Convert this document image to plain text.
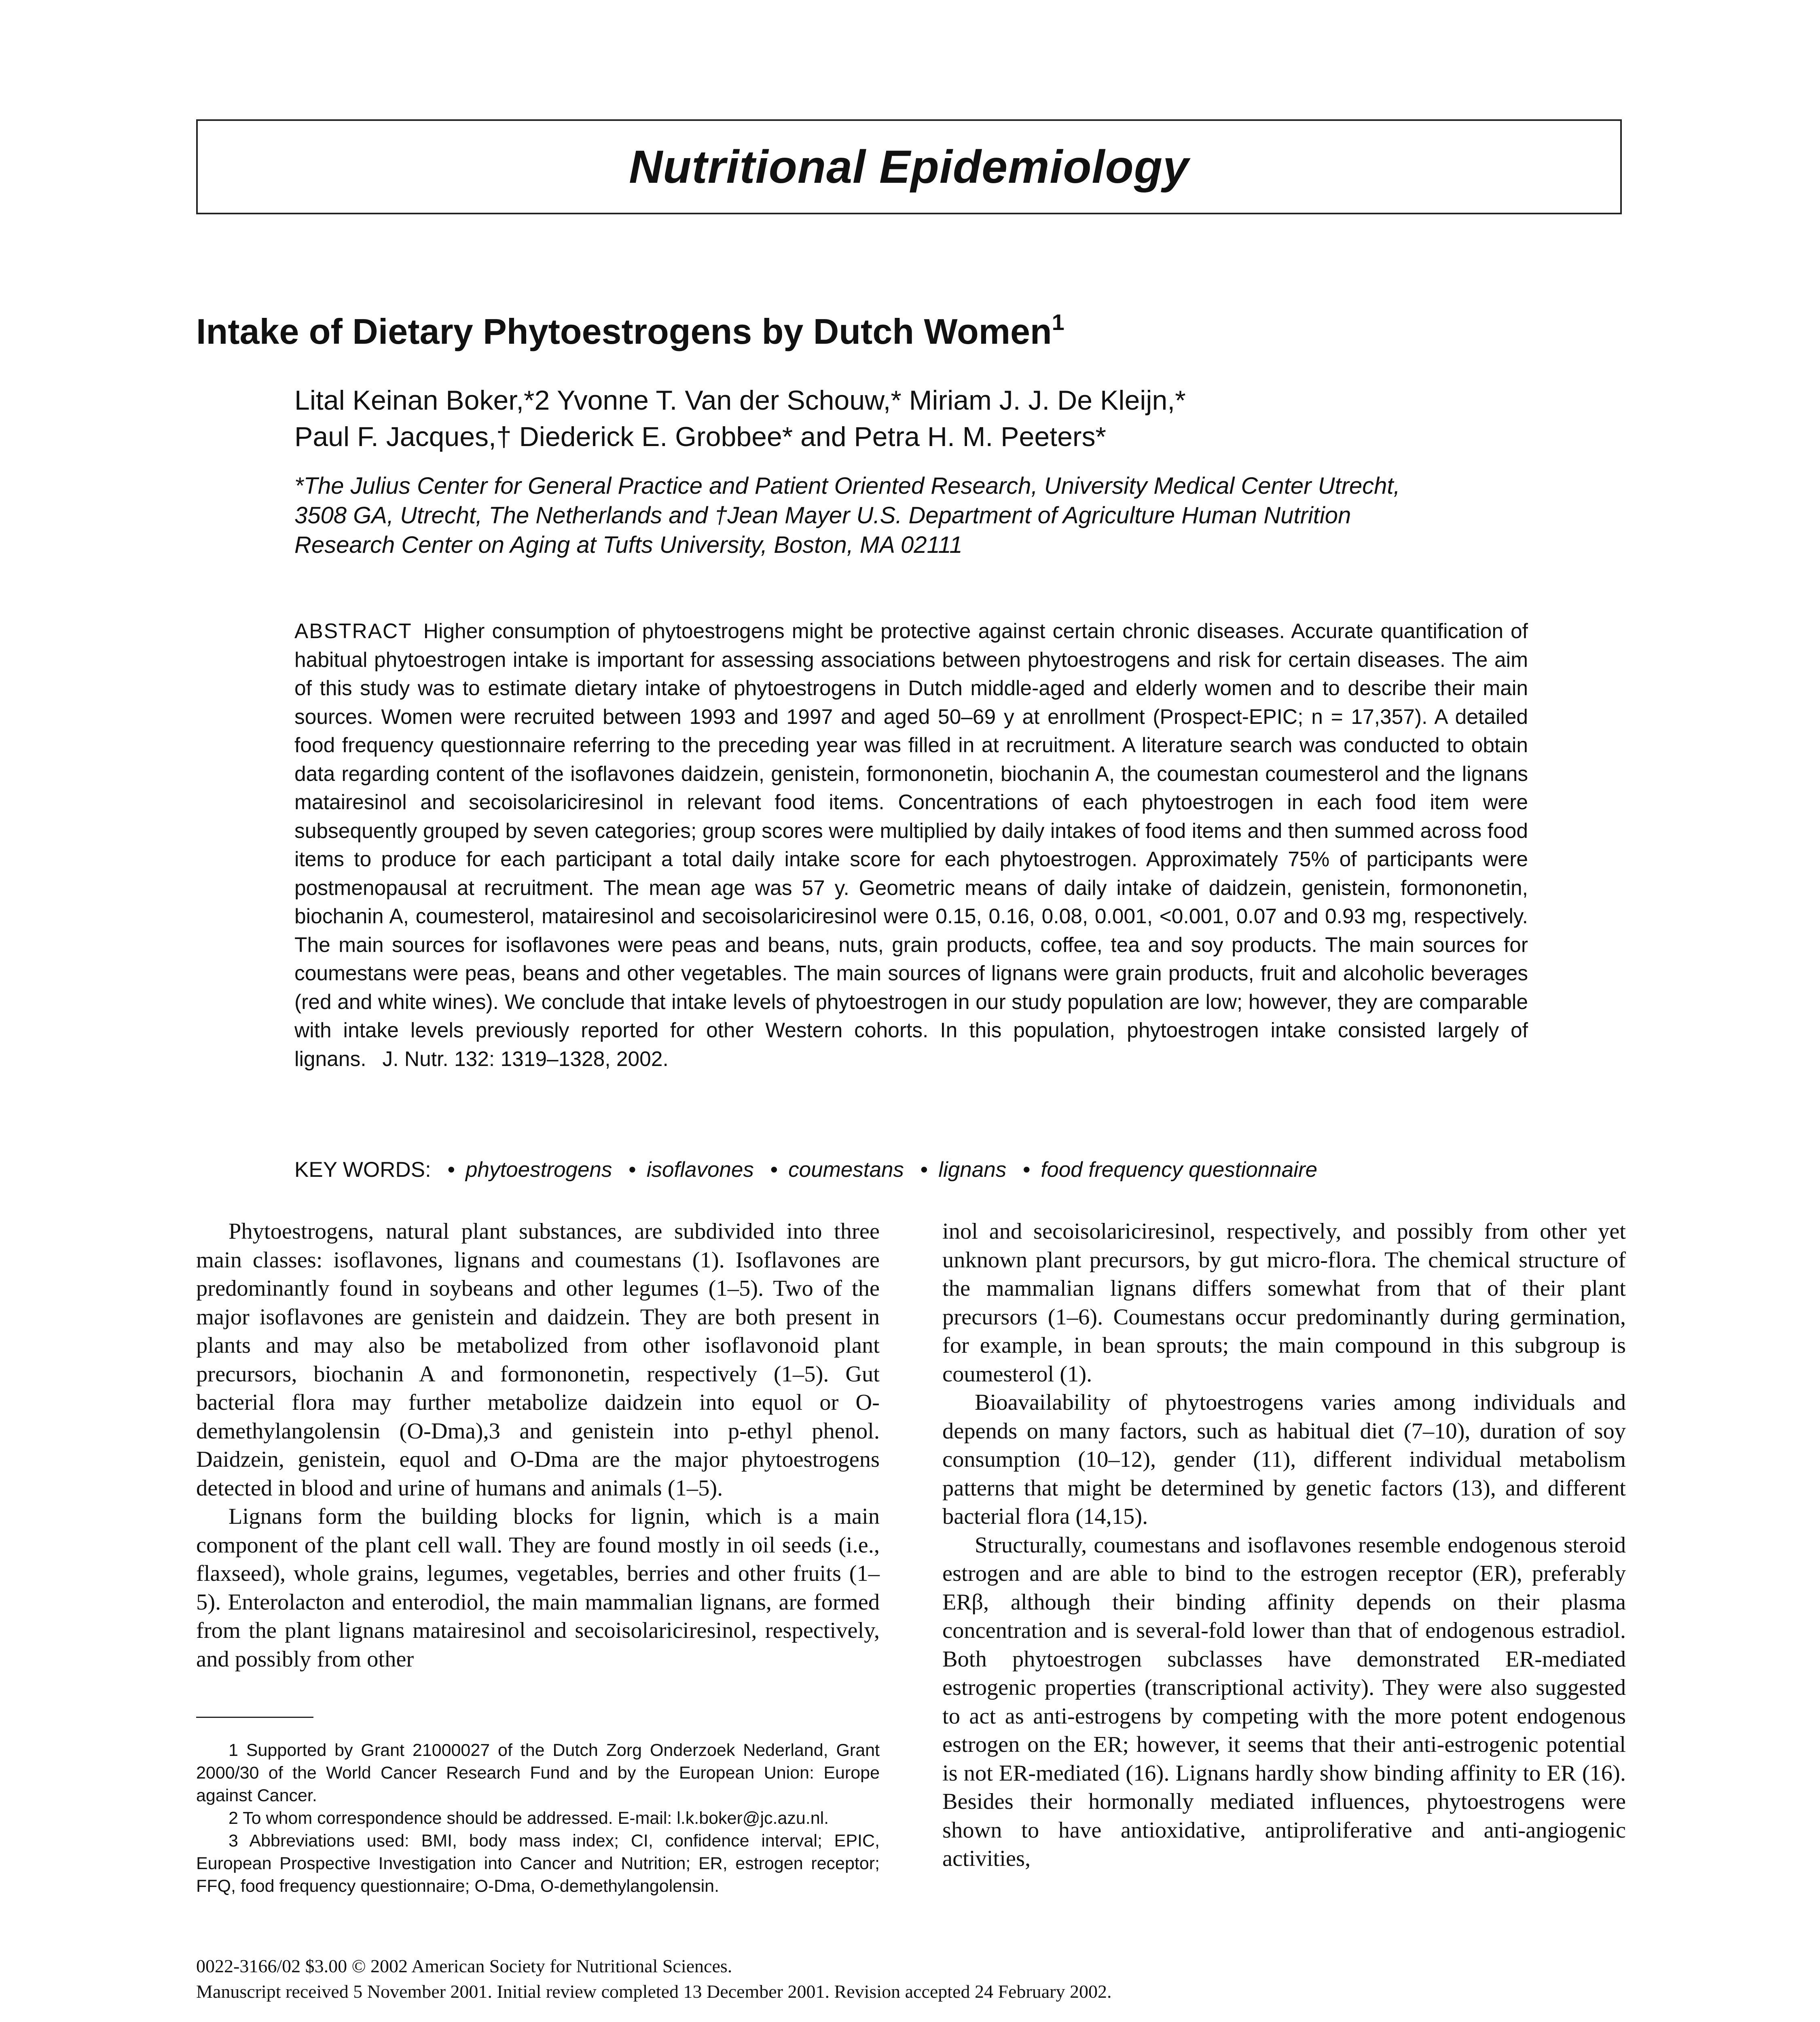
Nutritional Epidemiology
Intake of Dietary Phytoestrogens by Dutch Women$^1$
Lital Keinan Boker,*2 Yvonne T. Van der Schouw,* Miriam J. J. De Kleijn,*
Paul F. Jacques,† Diederick E. Grobbee* and Petra H. M. Peeters*
*The Julius Center for General Practice and Patient Oriented Research, University Medical Center Utrecht,
3508 GA, Utrecht, The Netherlands and †Jean Mayer U.S. Department of Agriculture Human Nutrition
Research Center on Aging at Tufts University, Boston, MA 02111
ABSTRACT Higher consumption of phytoestrogens might be protective against certain chronic diseases. Accurate quantification of habitual phytoestrogen intake is important for assessing associations between phytoestrogens and risk for certain diseases. The aim of this study was to estimate dietary intake of phytoestrogens in Dutch middle-aged and elderly women and to describe their main sources. Women were recruited between 1993 and 1997 and aged 50–69 y at enrollment (Prospect-EPIC; n = 17,357). A detailed food frequency questionnaire referring to the preceding year was filled in at recruitment. A literature search was conducted to obtain data regarding content of the isoflavones daidzein, genistein, formononetin, biochanin A, the coumestan coumesterol and the lignans matairesinol and secoisolariciresinol in relevant food items. Concentrations of each phytoestrogen in each food item were subsequently grouped by seven categories; group scores were multiplied by daily intakes of food items and then summed across food items to produce for each participant a total daily intake score for each phytoestrogen. Approximately 75% of participants were postmenopausal at recruitment. The mean age was 57 y. Geometric means of daily intake of daidzein, genistein, formononetin, biochanin A, coumesterol, matairesinol and secoisolariciresinol were 0.15, 0.16, 0.08, 0.001, <0.001, 0.07 and 0.93 mg, respectively. The main sources for isoflavones were peas and beans, nuts, grain products, coffee, tea and soy products. The main sources for coumestans were peas, beans and other vegetables. The main sources of lignans were grain products, fruit and alcoholic beverages (red and white wines). We conclude that intake levels of phytoestrogen in our study population are low; however, they are comparable with intake levels previously reported for other Western cohorts. In this population, phytoestrogen intake consisted largely of lignans. J. Nutr. 132: 1319–1328, 2002.
KEY WORDS: • phytoestrogens • isoflavones • coumestans • lignans • food frequency questionnaire

Phytoestrogens, natural plant substances, are subdivided into three main classes: isoflavones, lignans and coumestans (1). Isoflavones are predominantly found in soybeans and other legumes (1–5). Two of the major isoflavones are genistein and daidzein. They are both present in plants and may also be metabolized from other isoflavonoid plant precursors, biochanin A and formononetin, respectively (1–5). Gut bacterial flora may further metabolize daidzein into equol or O-demethylangolensin (O-Dma),3 and genistein into p-ethyl phenol. Daidzein, genistein, equol and O-Dma are the major phytoestrogens detected in blood and urine of humans and animals (1–5).

Lignans form the building blocks for lignin, which is a main component of the plant cell wall. They are found mostly in oil seeds (i.e., flaxseed), whole grains, legumes, vegetables, berries and other fruits (1–5). Enterolacton and enterodiol, the main mammalian lignans, are formed from the plant lignans matairesinol and secoisolariciresinol, respectively, and possibly from other

inol and secoisolariciresinol, respectively, and possibly from other yet unknown plant precursors, by gut micro-flora. The chemical structure of the mammalian lignans differs somewhat from that of their plant precursors (1–6). Coumestans occur predominantly during germination, for example, in bean sprouts; the main compound in this subgroup is coumesterol (1).

Bioavailability of phytoestrogens varies among individuals and depends on many factors, such as habitual diet (7–10), duration of soy consumption (10–12), gender (11), different individual metabolism patterns that might be determined by genetic factors (13), and different bacterial flora (14,15).

Structurally, coumestans and isoflavones resemble endogenous steroid estrogen and are able to bind to the estrogen receptor (ER), preferably ERβ, although their binding affinity depends on their plasma concentration and is several-fold lower than that of endogenous estradiol. Both phytoestrogen subclasses have demonstrated ER-mediated estrogenic properties (transcriptional activity). They were also suggested to act as anti-estrogens by competing with the more potent endogenous estrogen on the ER; however, it seems that their anti-estrogenic potential is not ER-mediated (16). Lignans hardly show binding affinity to ER (16). Besides their hormonally mediated influences, phytoestrogens were shown to have antioxidative, antiproliferative and anti-angiogenic activities,

1 Supported by Grant 21000027 of the Dutch Zorg Onderzoek Nederland, Grant 2000/30 of the World Cancer Research Fund and by the European Union: Europe against Cancer.

2 To whom correspondence should be addressed. E-mail: l.k.boker@jc.azu.nl.

3 Abbreviations used: BMI, body mass index; CI, confidence interval; EPIC, European Prospective Investigation into Cancer and Nutrition; ER, estrogen receptor; FFQ, food frequency questionnaire; O-Dma, O-demethylangolensin.

0022-3166/02 $3.00 © 2002 American Society for Nutritional Sciences.
Manuscript received 5 November 2001. Initial review completed 13 December 2001. Revision accepted 24 February 2002.
